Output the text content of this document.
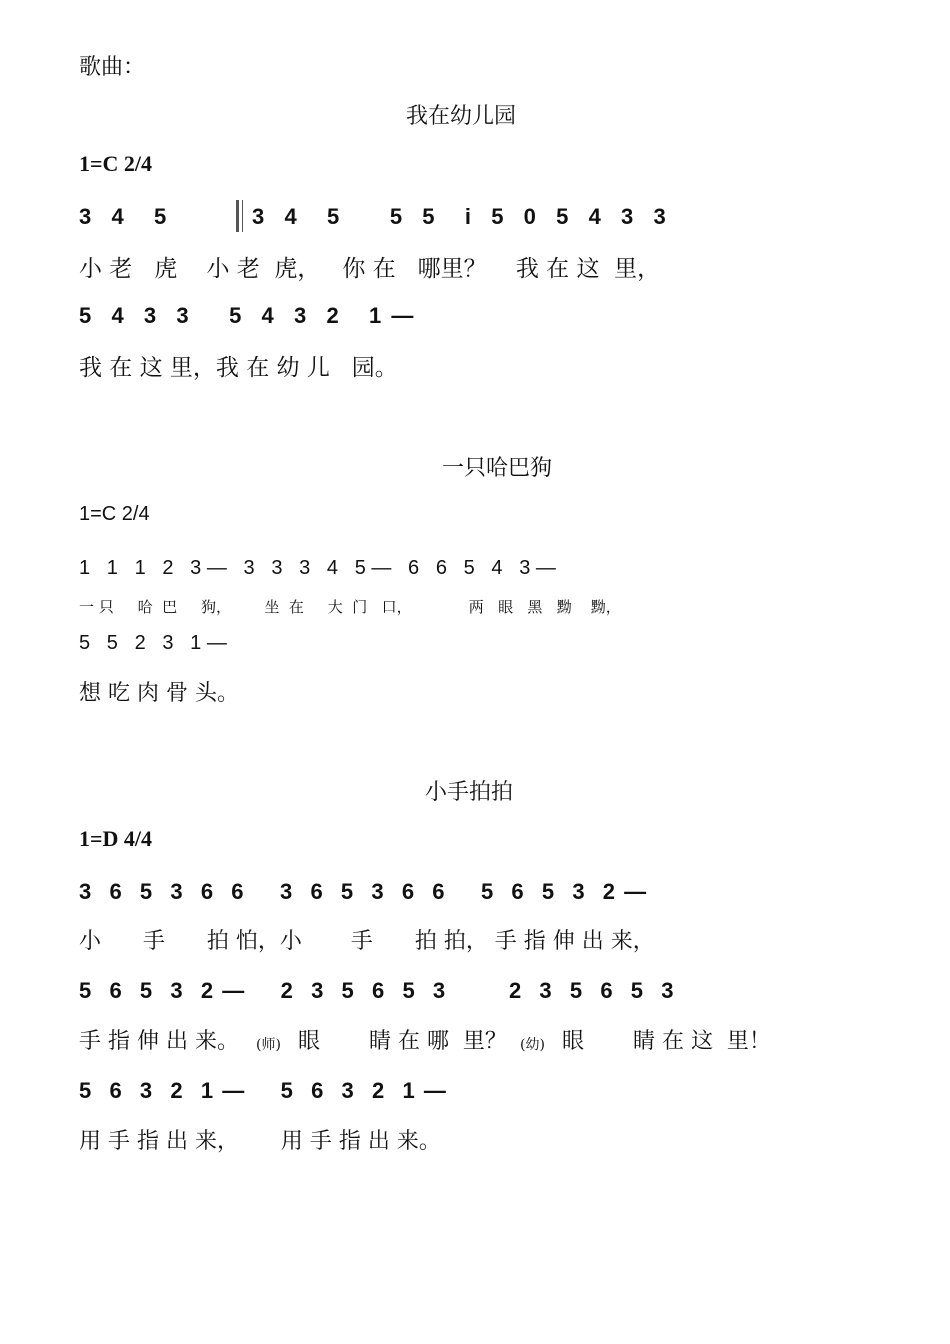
歌曲：
我在幼儿园
1=C 2/4
3  4   5	3  4   5     5  5   i  5  0  5  4  3  3
小 老   虎    小 老  虎，   你 在   哪里？    我 在 这  里，
5  4  3  3    5  4  3  2   1 —
我 在 这 里，我 在 幼 儿   园。
一只哈巴狗
1=C 2/4
1   1   1   2   3 —   3   3   3   4   5 —   6   6   5   4   3 —
一 只     哈  巴     狗，       坐  在     大  门   口，            两   眼   黑   黝    黝，
5   5   2   3   1 —
想 吃 肉 骨 头。
小手拍拍
1=D 4/4
3  6  5  3  6  6    3  6  5  3  6  6    5  6  5  3  2 —
小      手      拍 怕，小       手      拍 拍， 手 指 伸 出 来，
5  6  5  3  2 —    2  3  5  6  5  3       2  3  5  6  5  3
手 指 伸 出 来。 (师) 眼       睛 在 哪  里？ (幼) 眼       睛 在 这  里！
5  6  3  2  1 —    5  6  3  2  1 —
用 手 指 出 来，      用 手 指 出 来。
